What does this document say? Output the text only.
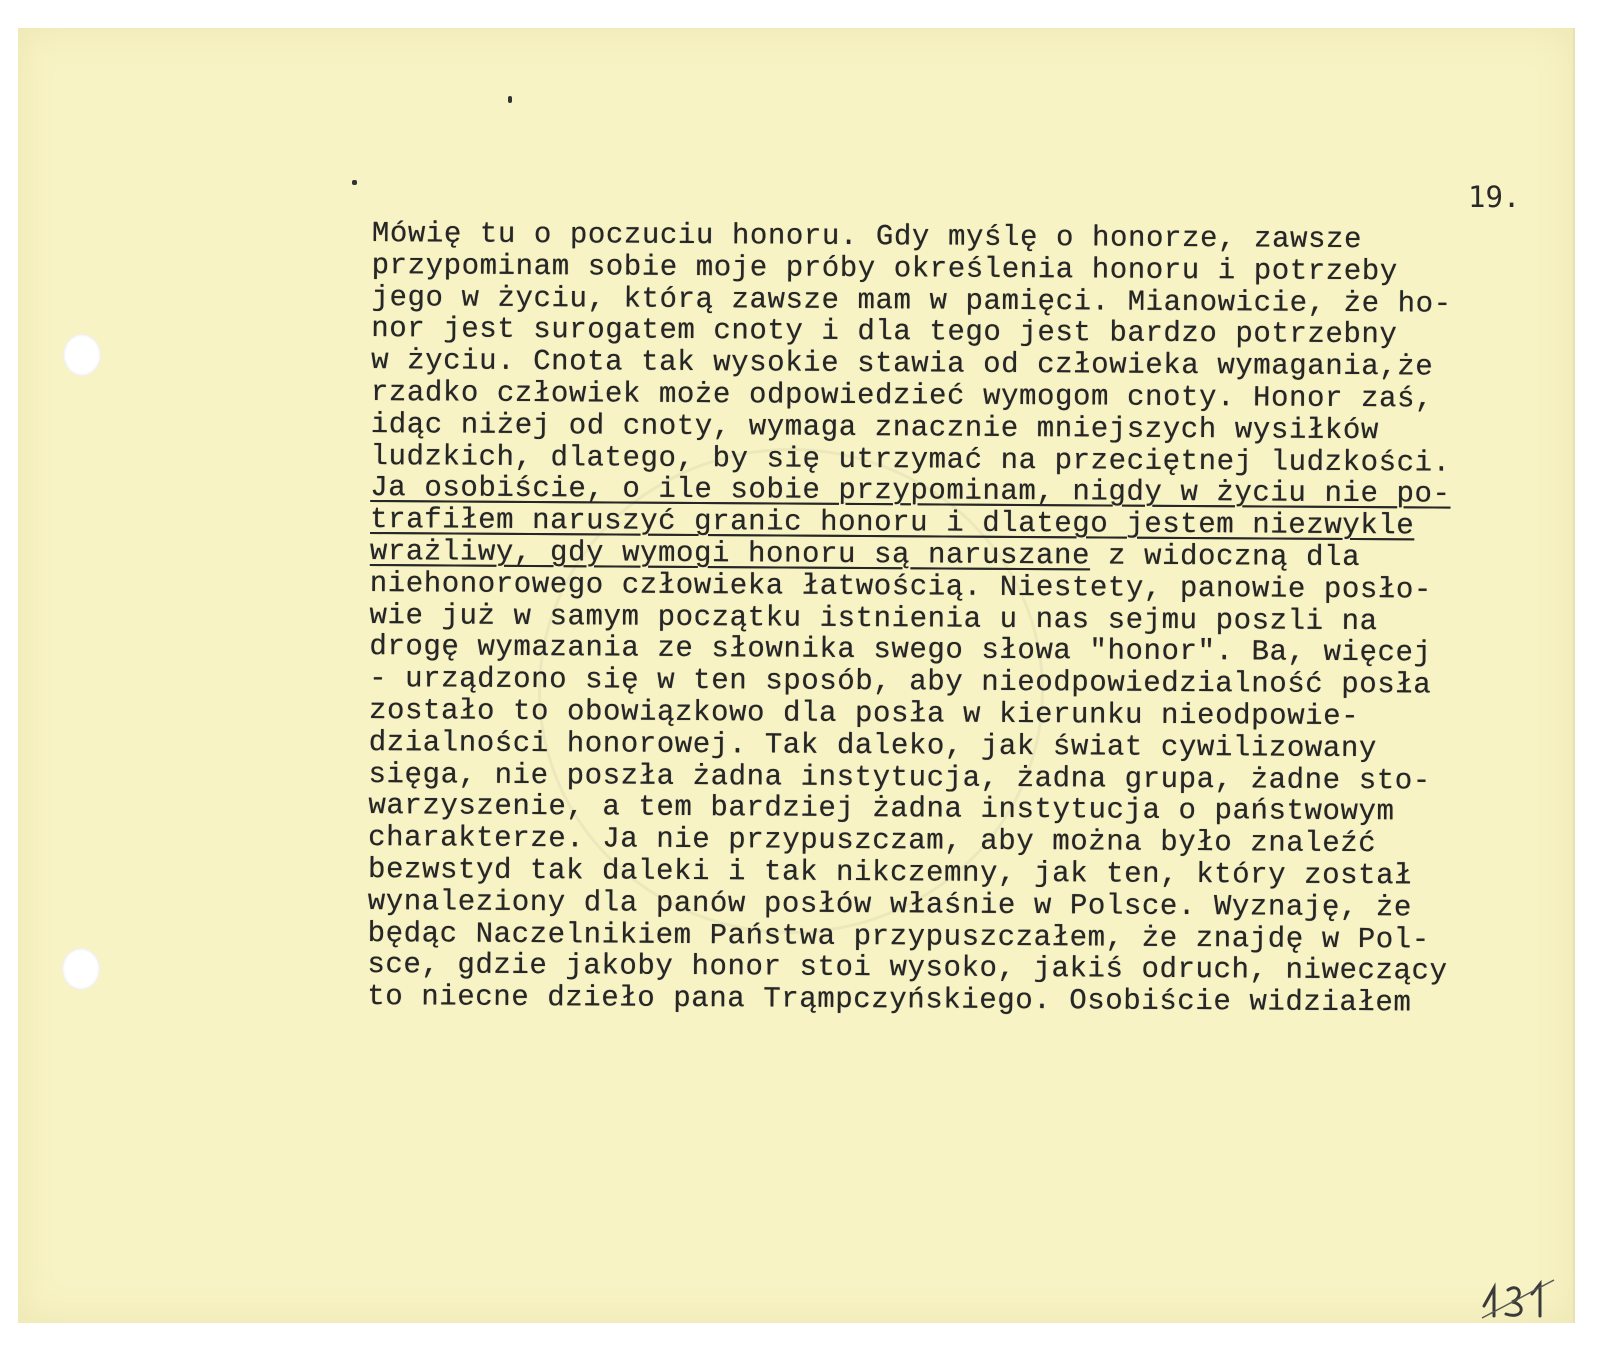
19.
Mówię tu o poczuciu honoru. Gdy myślę o honorze, zawsze
przypominam sobie moje próby określenia honoru i potrzeby
jego w życiu, którą zawsze mam w pamięci. Mianowicie, że ho-
nor jest surogatem cnoty i dla tego jest bardzo potrzebny
w życiu. Cnota tak wysokie stawia od człowieka wymagania,że
rzadko człowiek może odpowiedzieć wymogom cnoty. Honor zaś,
idąc niżej od cnoty, wymaga znacznie mniejszych wysiłków
ludzkich, dlatego, by się utrzymać na przeciętnej ludzkości.
Ja osobiście, o ile sobie przypominam, nigdy w życiu nie po-
trafiłem naruszyć granic honoru i dlatego jestem niezwykle
wrażliwy, gdy wymogi honoru są naruszane z widoczną dla
niehonorowego człowieka łatwością. Niestety, panowie posło-
wie już w samym początku istnienia u nas sejmu poszli na
drogę wymazania ze słownika swego słowa "honor". Ba, więcej
- urządzono się w ten sposób, aby nieodpowiedzialność posła
zostało to obowiązkowo dla posła w kierunku nieodpowie-
dzialności honorowej. Tak daleko, jak świat cywilizowany
sięga, nie poszła żadna instytucja, żadna grupa, żadne sto-
warzyszenie, a tem bardziej żadna instytucja o państwowym
charakterze. Ja nie przypuszczam, aby można było znaleźć
bezwstyd tak daleki i tak nikczemny, jak ten, który został
wynaleziony dla panów posłów właśnie w Polsce. Wyznaję, że
będąc Naczelnikiem Państwa przypuszczałem, że znajdę w Pol-
sce, gdzie jakoby honor stoi wysoko, jakiś odruch, niweczący
to niecne dzieło pana Trąmpczyńskiego. Osobiście widziałem
